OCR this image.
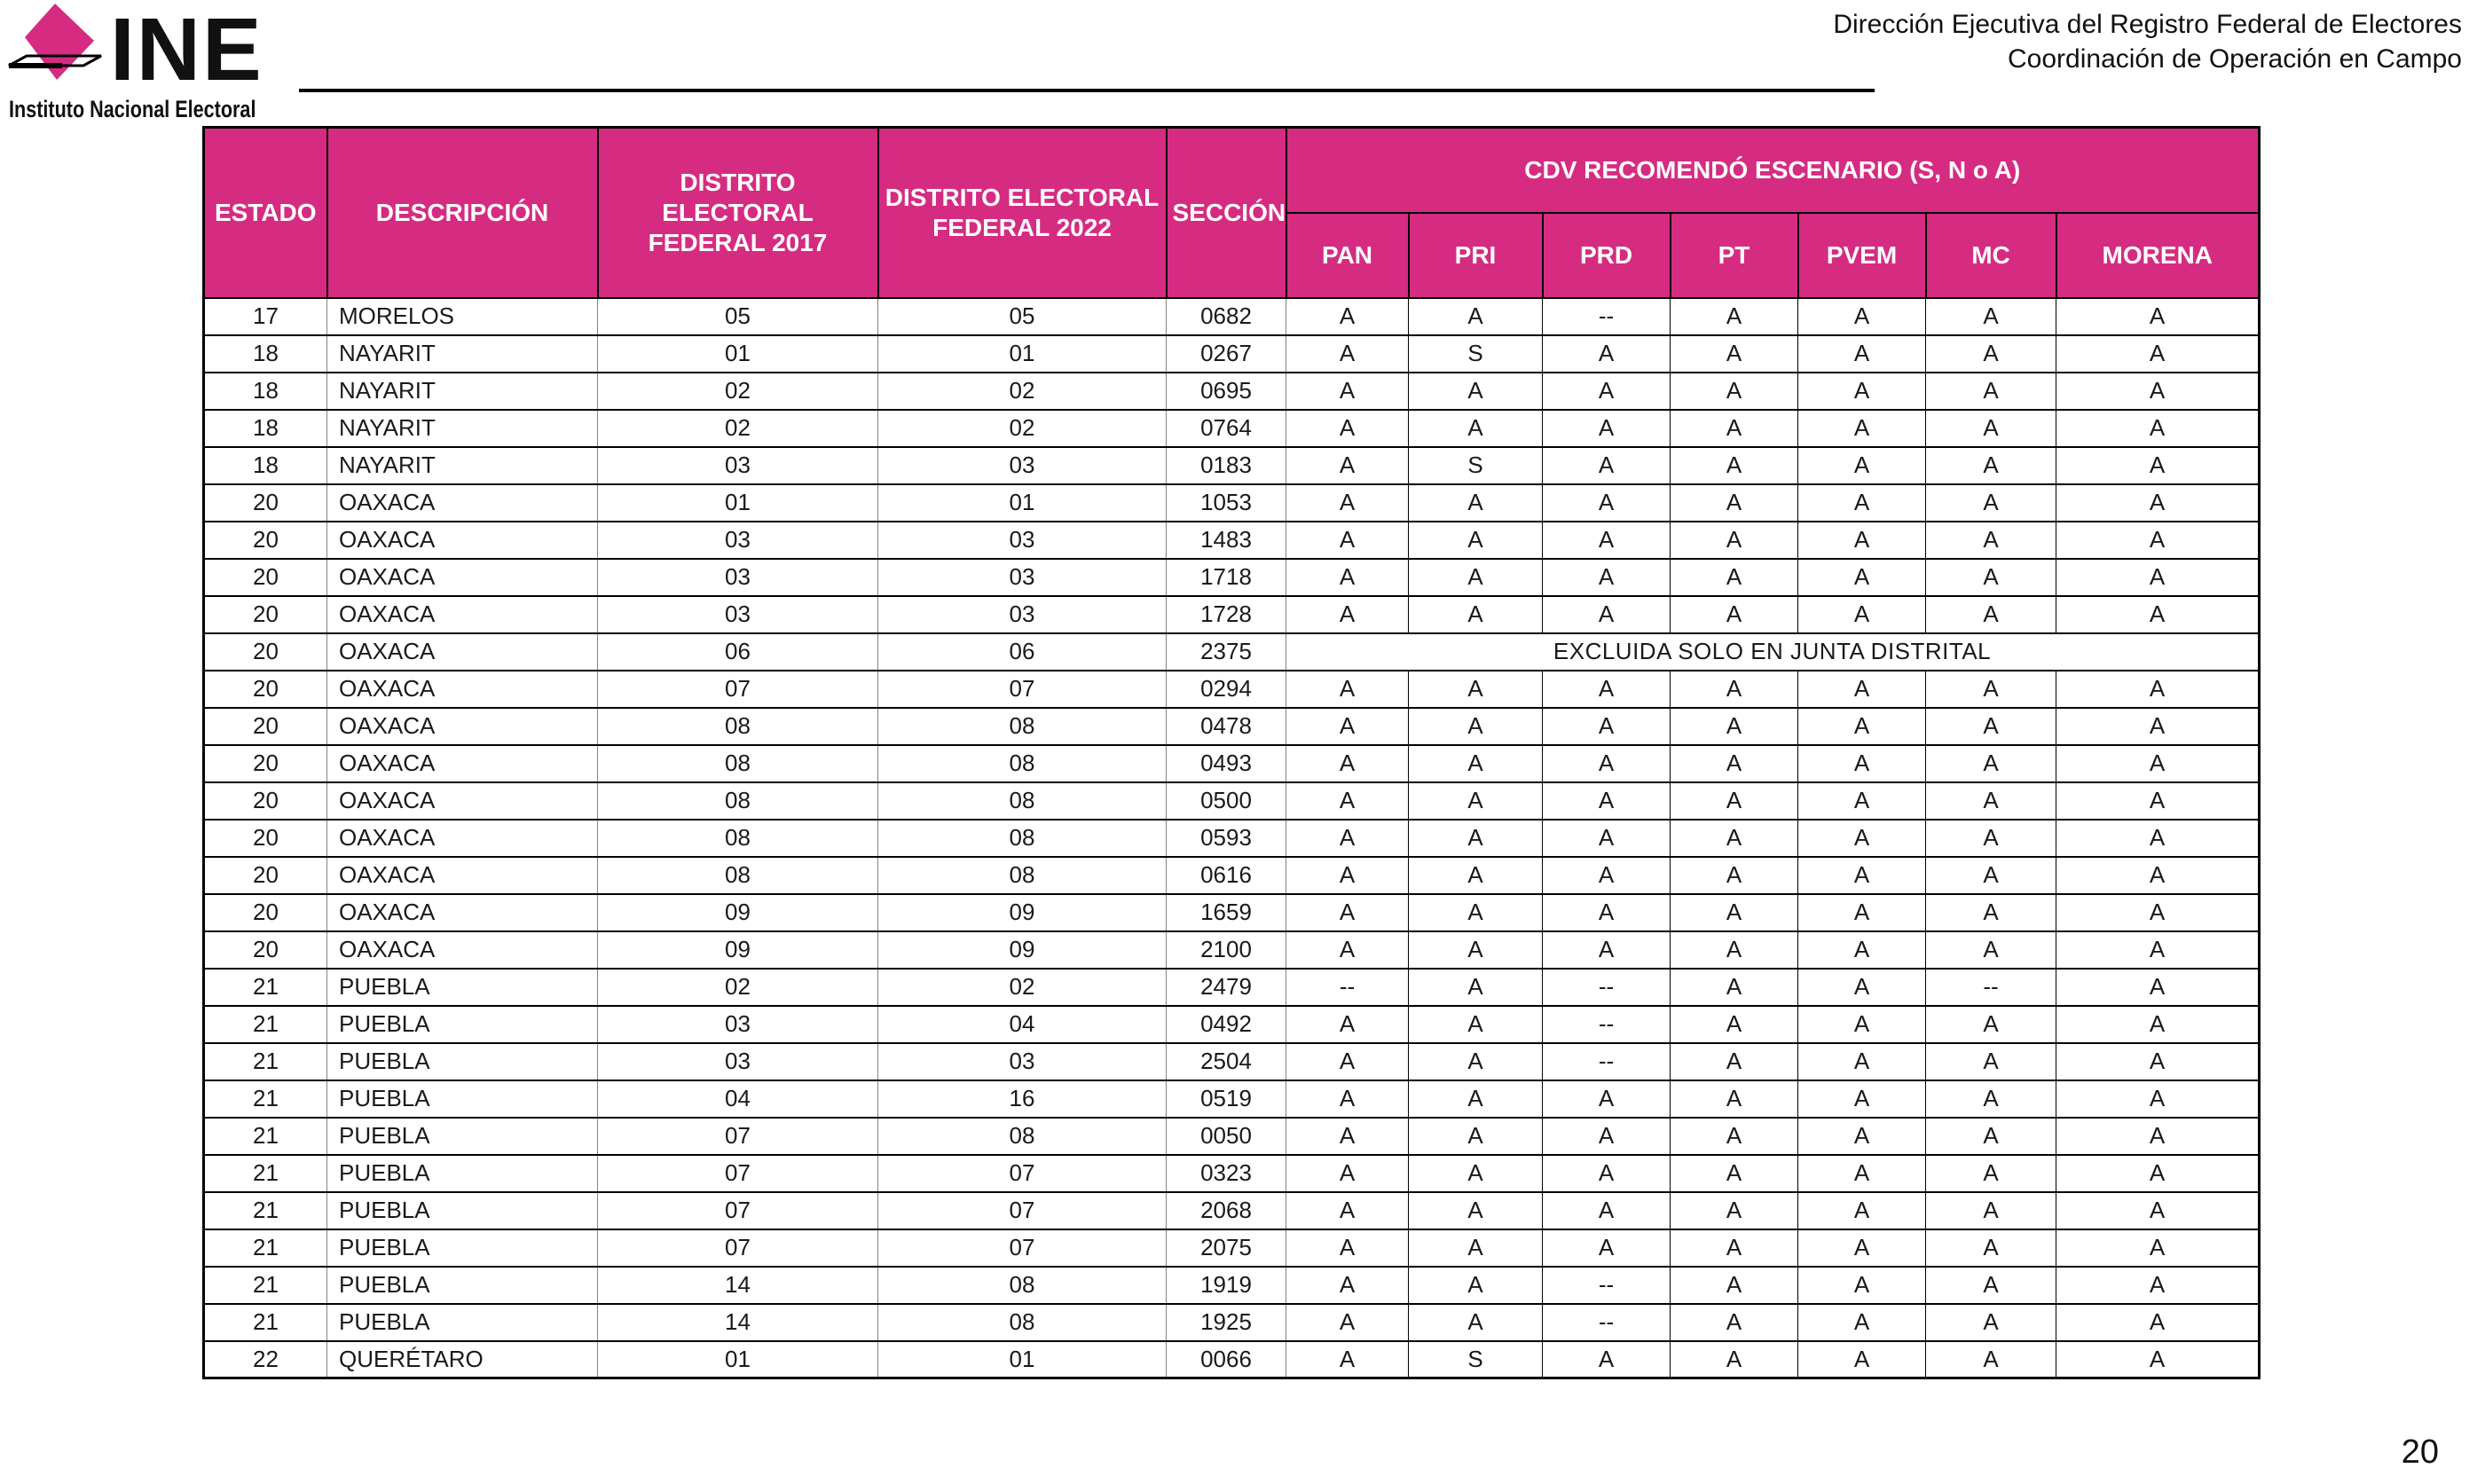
INE
Instituto Nacional Electoral
Dirección Ejecutiva del Registro Federal de Electores
Coordinación de Operación en Campo
ESTADO	DESCRIPCIÓN	DISTRITO ELECTORAL FEDERAL 2017	DISTRITO ELECTORAL FEDERAL 2022	SECCIÓN	CDV RECOMENDÓ ESCENARIO (S, N o A)						
					PAN	PRI	PRD	PT	PVEM	MC	MORENA
17	MORELOS	05	05	0682	A	A	--	A	A	A	A
18	NAYARIT	01	01	0267	A	S	A	A	A	A	A
18	NAYARIT	02	02	0695	A	A	A	A	A	A	A
18	NAYARIT	02	02	0764	A	A	A	A	A	A	A
18	NAYARIT	03	03	0183	A	S	A	A	A	A	A
20	OAXACA	01	01	1053	A	A	A	A	A	A	A
20	OAXACA	03	03	1483	A	A	A	A	A	A	A
20	OAXACA	03	03	1718	A	A	A	A	A	A	A
20	OAXACA	03	03	1728	A	A	A	A	A	A	A
20	OAXACA	06	06	2375	EXCLUIDA SOLO EN JUNTA DISTRITAL						
20	OAXACA	07	07	0294	A	A	A	A	A	A	A
20	OAXACA	08	08	0478	A	A	A	A	A	A	A
20	OAXACA	08	08	0493	A	A	A	A	A	A	A
20	OAXACA	08	08	0500	A	A	A	A	A	A	A
20	OAXACA	08	08	0593	A	A	A	A	A	A	A
20	OAXACA	08	08	0616	A	A	A	A	A	A	A
20	OAXACA	09	09	1659	A	A	A	A	A	A	A
20	OAXACA	09	09	2100	A	A	A	A	A	A	A
21	PUEBLA	02	02	2479	--	A	--	A	A	--	A
21	PUEBLA	03	04	0492	A	A	--	A	A	A	A
21	PUEBLA	03	03	2504	A	A	--	A	A	A	A
21	PUEBLA	04	16	0519	A	A	A	A	A	A	A
21	PUEBLA	07	08	0050	A	A	A	A	A	A	A
21	PUEBLA	07	07	0323	A	A	A	A	A	A	A
21	PUEBLA	07	07	2068	A	A	A	A	A	A	A
21	PUEBLA	07	07	2075	A	A	A	A	A	A	A
21	PUEBLA	14	08	1919	A	A	--	A	A	A	A
21	PUEBLA	14	08	1925	A	A	--	A	A	A	A
22	QUERÉTARO	01	01	0066	A	S	A	A	A	A	A
20
